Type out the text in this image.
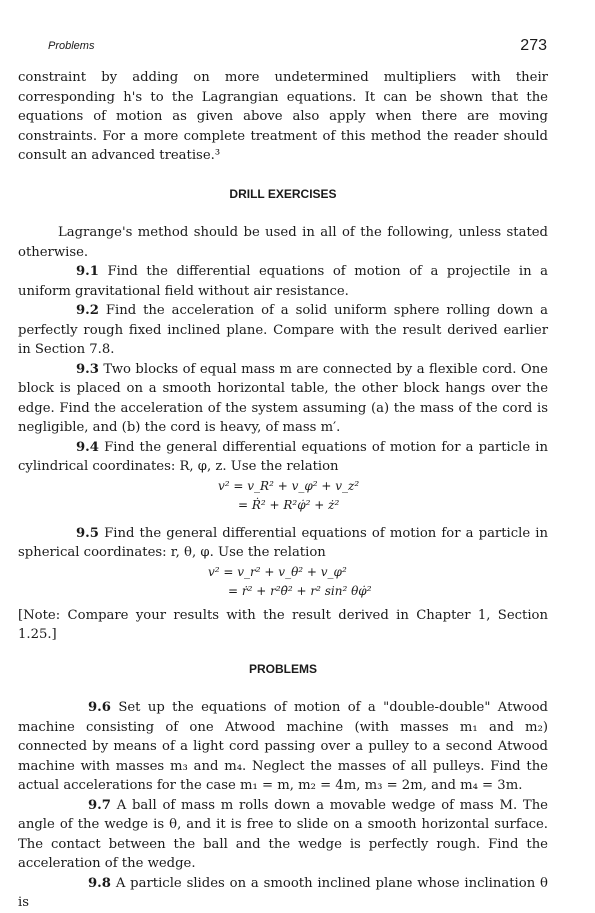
Problems	273

constraint by adding on more undetermined multipliers with their corresponding h's to the Lagrangian equations. It can be shown that the equations of motion as given above also apply when there are moving constraints. For a more complete treatment of this method the reader should consult an advanced treatise.³

DRILL EXERCISES

Lagrange's method should be used in all of the following, unless stated otherwise.

9.1 Find the differential equations of motion of a projectile in a uniform gravitational field without air resistance.

9.2 Find the acceleration of a solid uniform sphere rolling down a perfectly rough fixed inclined plane. Compare with the result derived earlier in Section 7.8.

9.3 Two blocks of equal mass m are connected by a flexible cord. One block is placed on a smooth horizontal table, the other block hangs over the edge. Find the acceleration of the system assuming (a) the mass of the cord is negligible, and (b) the cord is heavy, of mass m′.

9.4 Find the general differential equations of motion for a particle in cylindrical coordinates: R, φ, z. Use the relation

v² = v_R² + v_φ² + v_z²
= Ṙ² + R²φ̇² + ż²

9.5 Find the general differential equations of motion for a particle in spherical coordinates: r, θ, φ. Use the relation

v² = v_r² + v_θ² + v_φ²
= ṙ² + r²θ̇² + r² sin² θφ̇²

[Note: Compare your results with the result derived in Chapter 1, Section 1.25.]

PROBLEMS

9.6 Set up the equations of motion of a "double-double" Atwood machine consisting of one Atwood machine (with masses m₁ and m₂) connected by means of a light cord passing over a pulley to a second Atwood machine with masses m₃ and m₄. Neglect the masses of all pulleys. Find the actual accelerations for the case m₁ = m, m₂ = 4m, m₃ = 2m, and m₄ = 3m.

9.7 A ball of mass m rolls down a movable wedge of mass M. The angle of the wedge is θ, and it is free to slide on a smooth horizontal surface. The contact between the ball and the wedge is perfectly rough. Find the acceleration of the wedge.

9.8 A particle slides on a smooth inclined plane whose inclination θ is
